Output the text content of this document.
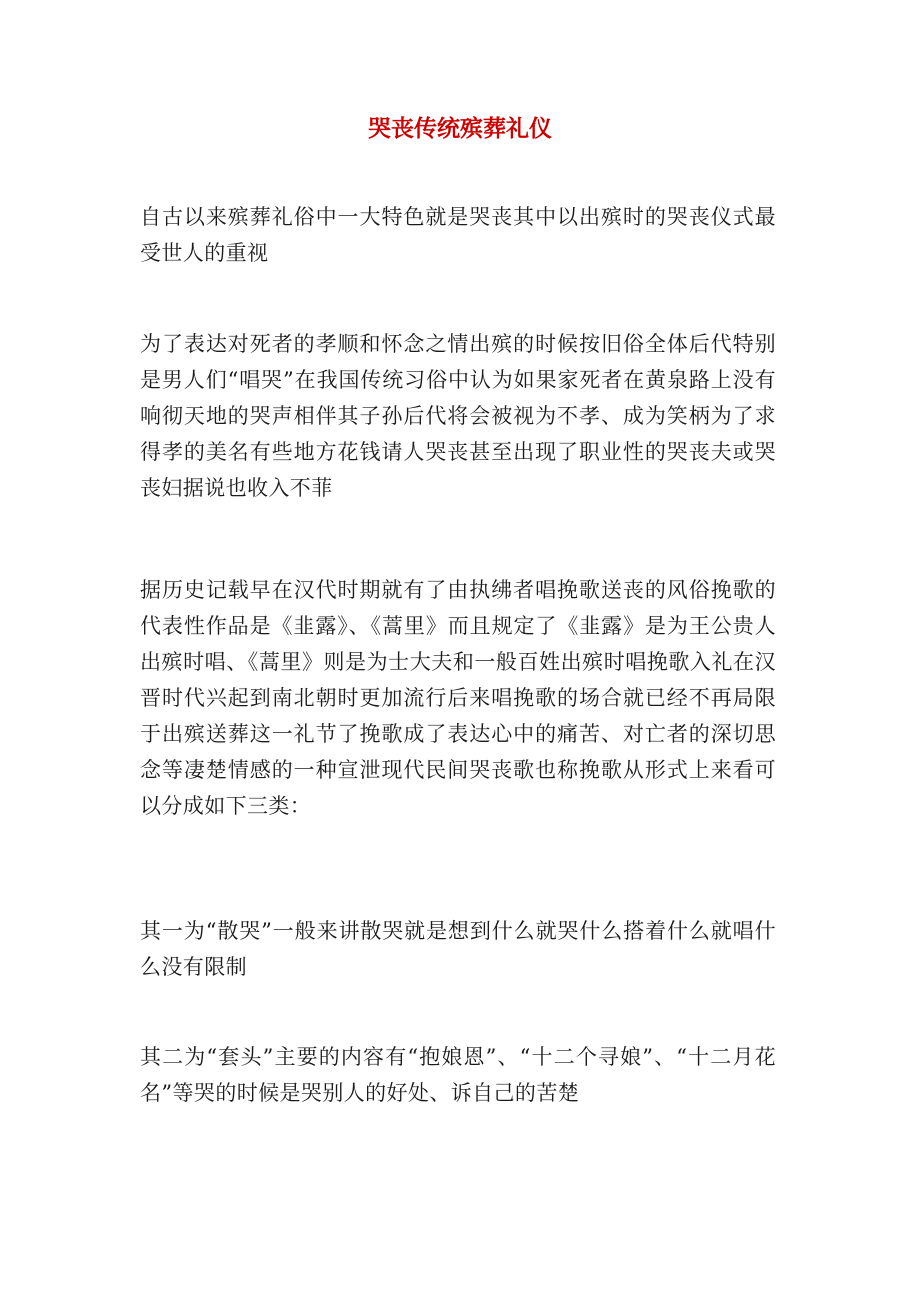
哭丧传统殡葬礼仪

自古以来殡葬礼俗中一大特色就是哭丧其中以出殡时的哭丧仪式最受世人的重视

为了表达对死者的孝顺和怀念之情出殡的时候按旧俗全体后代特别是男人们“唱哭”在我国传统习俗中认为如果家死者在黄泉路上没有响彻天地的哭声相伴其子孙后代将会被视为不孝、成为笑柄为了求得孝的美名有些地方花钱请人哭丧甚至出现了职业性的哭丧夫或哭丧妇据说也收入不菲

据历史记载早在汉代时期就有了由执绋者唱挽歌送丧的风俗挽歌的代表性作品是《韭露》、《蒿里》而且规定了《韭露》是为王公贵人出殡时唱、《蒿里》则是为士大夫和一般百姓出殡时唱挽歌入礼在汉晋时代兴起到南北朝时更加流行后来唱挽歌的场合就已经不再局限于出殡送葬这一礼节了挽歌成了表达心中的痛苦、对亡者的深切思念等凄楚情感的一种宣泄现代民间哭丧歌也称挽歌从形式上来看可以分成如下三类：

其一为“散哭”一般来讲散哭就是想到什么就哭什么搭着什么就唱什么没有限制

其二为“套头”主要的内容有“抱娘恩”、“十二个寻娘”、“十二月花名”等哭的时候是哭别人的好处、诉自己的苦楚
